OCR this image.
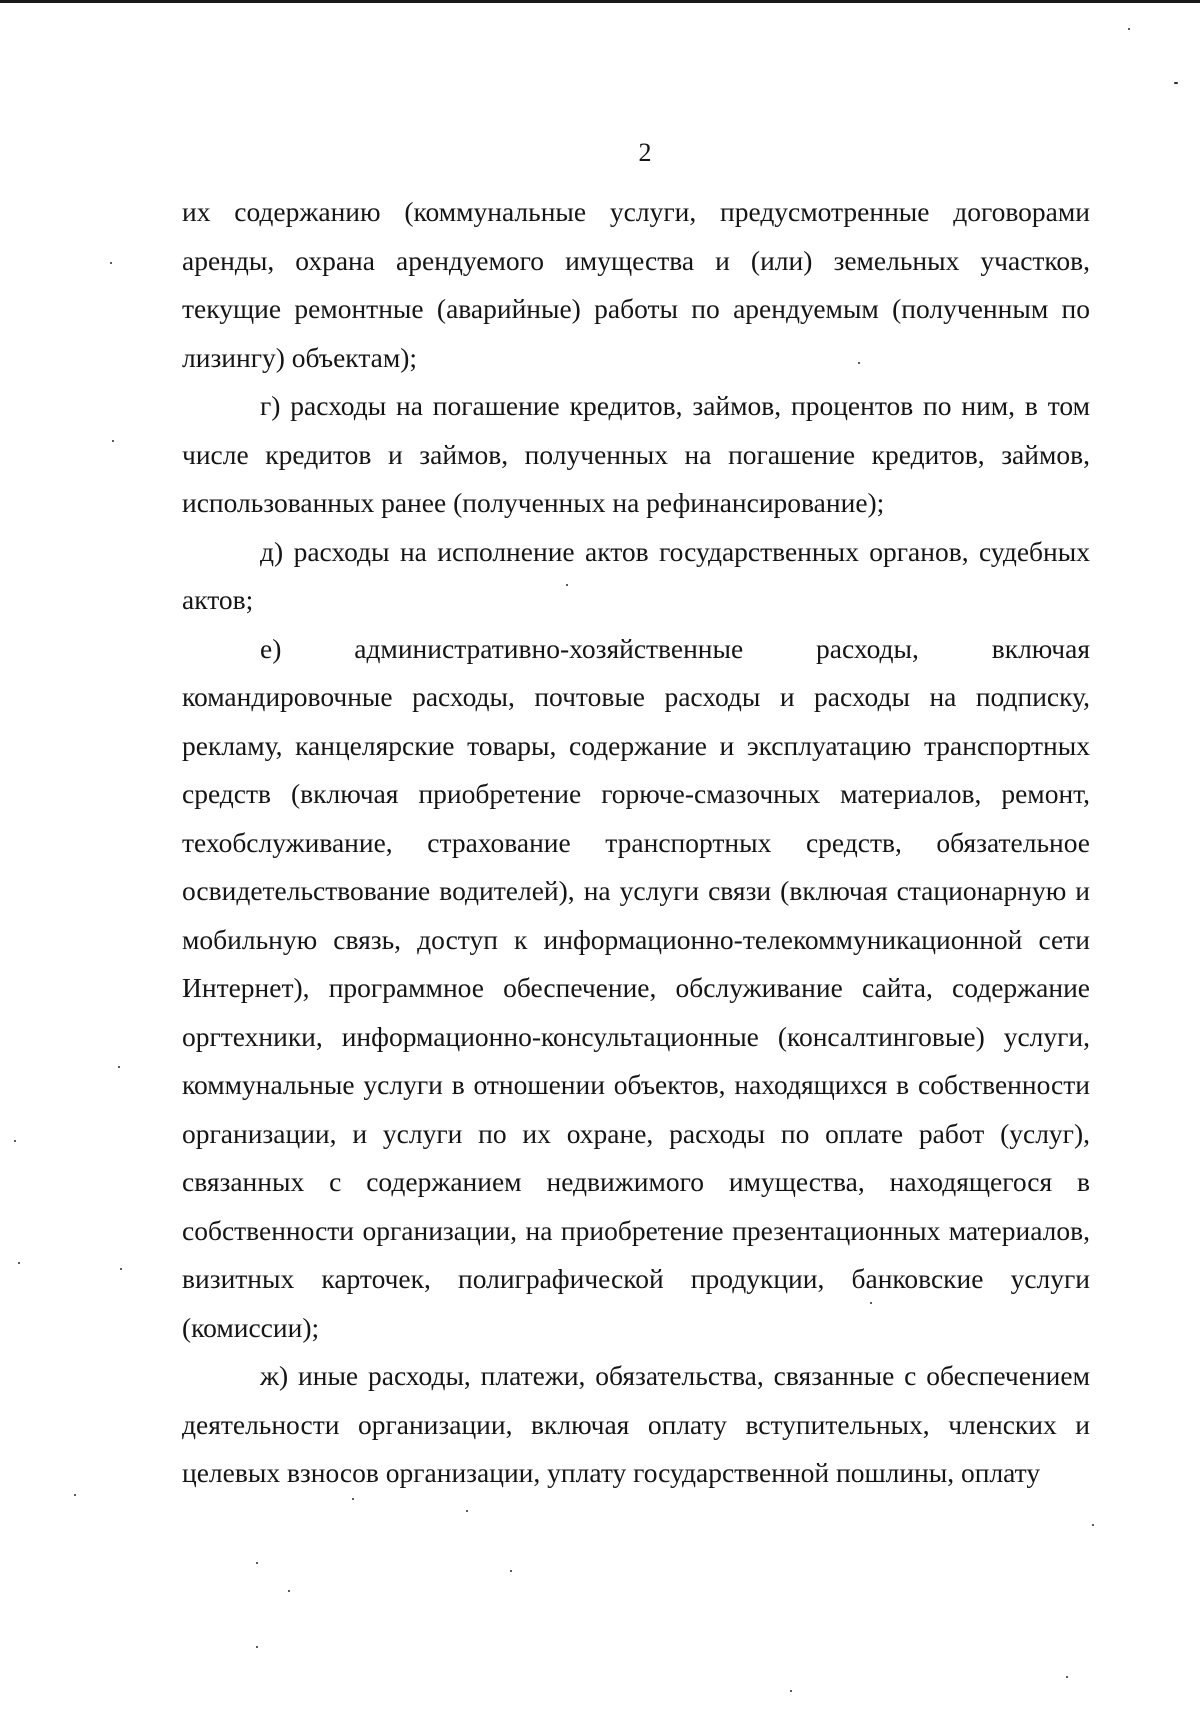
2

их содержанию (коммунальные услуги, предусмотренные договорами аренды, охрана арендуемого имущества и (или) земельных участков, текущие ремонтные (аварийные) работы по арендуемым (полученным по лизингу) объектам);

г) расходы на погашение кредитов, займов, процентов по ним, в том числе кредитов и займов, полученных на погашение кредитов, займов, использованных ранее (полученных на рефинансирование);

д) расходы на исполнение актов государственных органов, судебных актов;

е) административно-хозяйственные расходы, включая командировочные расходы, почтовые расходы и расходы на подписку, рекламу, канцелярские товары, содержание и эксплуатацию транспортных средств (включая приобретение горюче-смазочных материалов, ремонт, техобслуживание, страхование транспортных средств, обязательное освидетельствование водителей), на услуги связи (включая стационарную и мобильную связь, доступ к информационно-телекоммуникационной сети Интернет), программное обеспечение, обслуживание сайта, содержание оргтехники, информационно-консультационные (консалтинговые) услуги, коммунальные услуги в отношении объектов, находящихся в собственности организации, и услуги по их охране, расходы по оплате работ (услуг), связанных с содержанием недвижимого имущества, находящегося в собственности организации, на приобретение презентационных материалов, визитных карточек, полиграфической продукции, банковские услуги (комиссии);

ж) иные расходы, платежи, обязательства, связанные с обеспечением деятельности организации, включая оплату вступительных, членских и целевых взносов организации, уплату государственной пошлины, оплату
